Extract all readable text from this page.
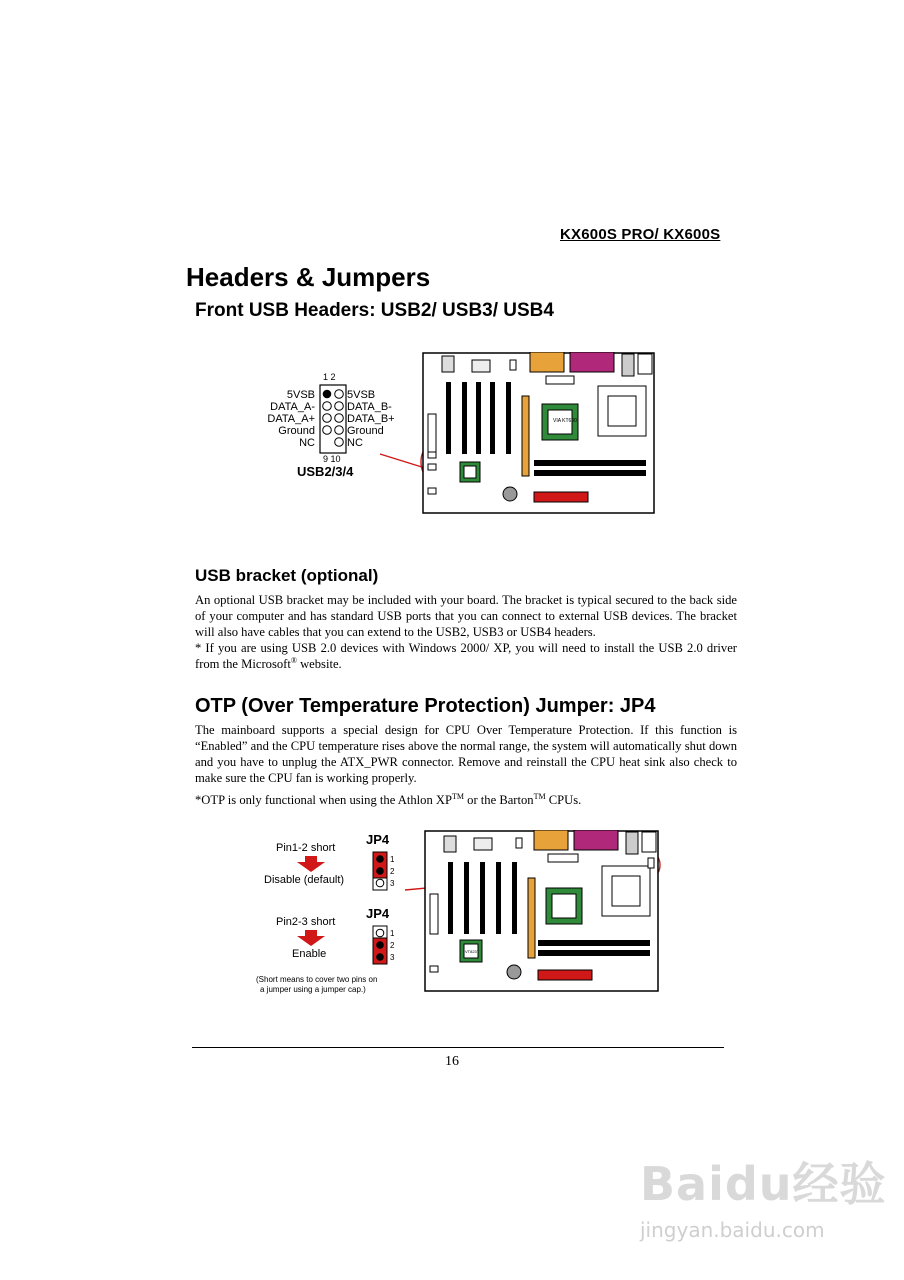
KX600S PRO/ KX600S
Headers & Jumpers
Front USB Headers: USB2/ USB3/ USB4
1 2
5VSB
DATA_A-
DATA_A+
Ground
NC
5VSB
DATA_B-
DATA_B+
Ground
NC
9 10
USB2/3/4
VIA KT600
USB bracket (optional)
An optional USB bracket may be included with your board. The bracket is typical secured to the back side of your computer and has standard USB ports that you can connect to external USB devices. The bracket will also have cables that you can extend to the USB2, USB3 or USB4 headers.
* If you are using USB 2.0 devices with Windows 2000/ XP, you will need to install the USB 2.0 driver from the Microsoft® website.
OTP (Over Temperature Protection) Jumper: JP4
The mainboard supports a special design for CPU Over Temperature Protection. If this function is “Enabled” and the CPU temperature rises above the normal range, the system will automatically shut down and you have to unplug the ATX_PWR connector. Remove and reinstall the CPU heat sink also check to make sure the CPU fan is working properly.
*OTP is only functional when using the Athlon XP™ or the Barton™ CPUs.
JP4
Pin1-2 short
Disable (default)
1
2
3
JP4
Pin2-3 short
Enable
1
2
3
(Short means to cover two pins on
a jumper using a jumper cap.)
VT8237
16
Baidu经验
jingyan.baidu.com
